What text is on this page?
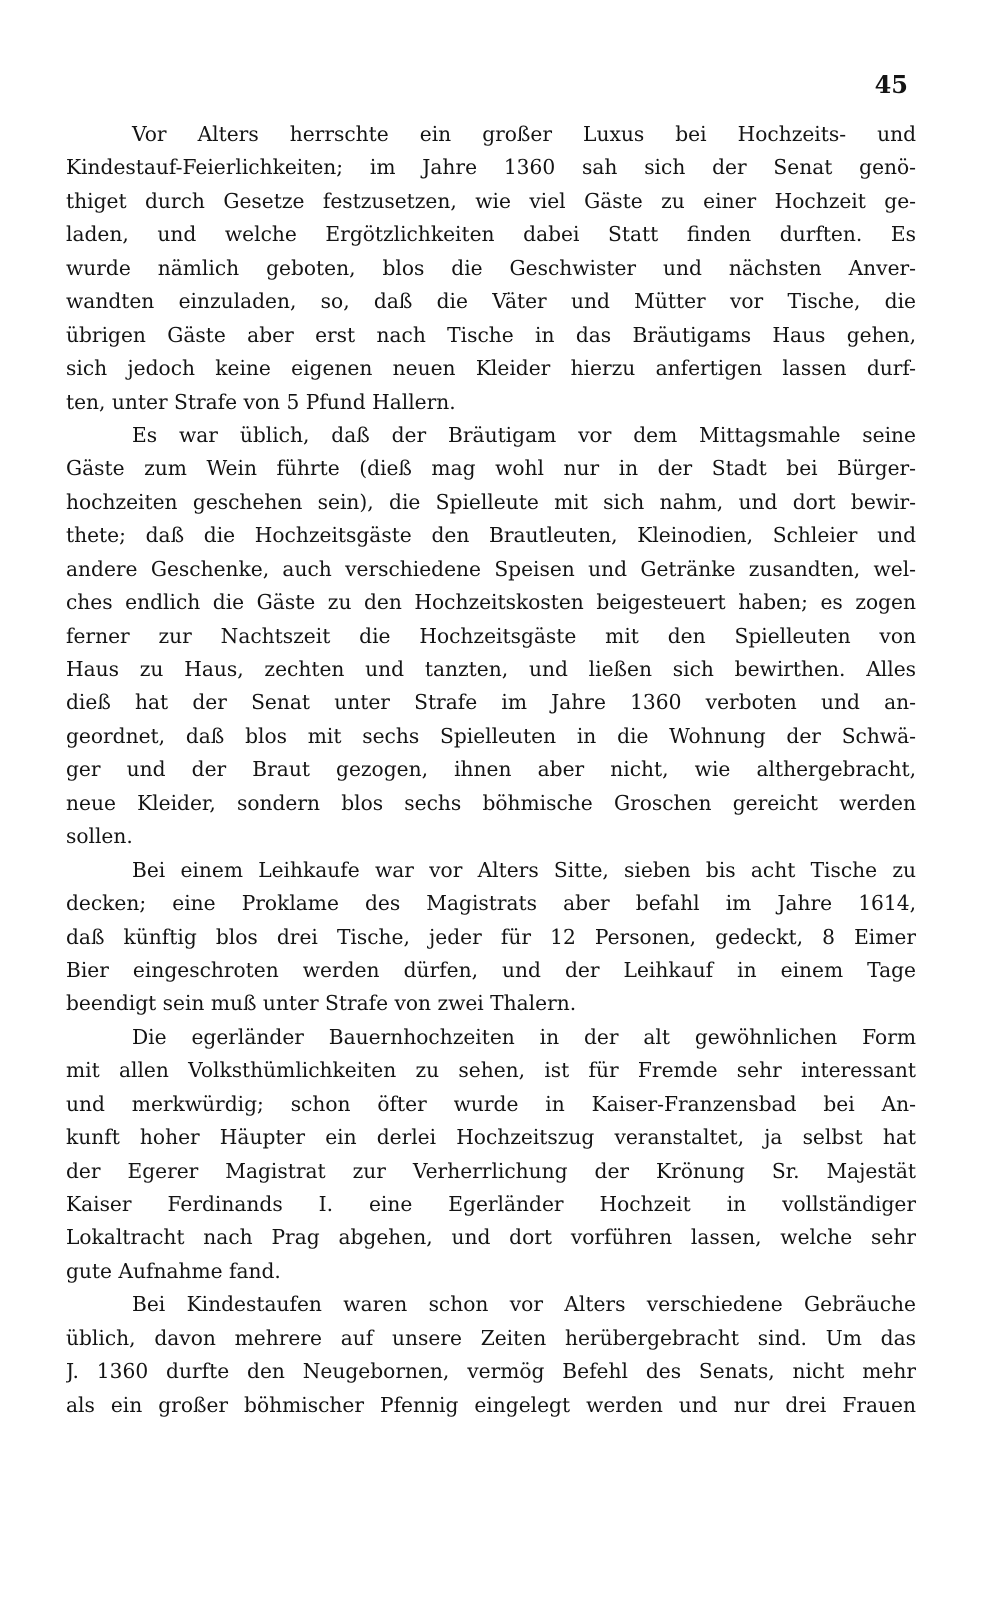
45
Vor Alters herrschte ein großer Luxus bei Hochzeits- und
Kindestauf-Feierlichkeiten; im Jahre 1360 sah sich der Senat genö-
thiget durch Gesetze festzusetzen, wie viel Gäste zu einer Hochzeit ge-
laden, und welche Ergötzlichkeiten dabei Statt finden durften. Es
wurde nämlich geboten, blos die Geschwister und nächsten Anver-
wandten einzuladen, so, daß die Väter und Mütter vor Tische, die
übrigen Gäste aber erst nach Tische in das Bräutigams Haus gehen,
sich jedoch keine eigenen neuen Kleider hierzu anfertigen lassen durf-
ten, unter Strafe von 5 Pfund Hallern.
Es war üblich, daß der Bräutigam vor dem Mittagsmahle seine
Gäste zum Wein führte (dieß mag wohl nur in der Stadt bei Bürger-
hochzeiten geschehen sein), die Spielleute mit sich nahm, und dort bewir-
thete; daß die Hochzeitsgäste den Brautleuten, Kleinodien, Schleier und
andere Geschenke, auch verschiedene Speisen und Getränke zusandten, wel-
ches endlich die Gäste zu den Hochzeitskosten beigesteuert haben; es zogen
ferner zur Nachtszeit die Hochzeitsgäste mit den Spielleuten von
Haus zu Haus, zechten und tanzten, und ließen sich bewirthen. Alles
dieß hat der Senat unter Strafe im Jahre 1360 verboten und an-
geordnet, daß blos mit sechs Spielleuten in die Wohnung der Schwä-
ger und der Braut gezogen, ihnen aber nicht, wie althergebracht,
neue Kleider, sondern blos sechs böhmische Groschen gereicht werden
sollen.
Bei einem Leihkaufe war vor Alters Sitte, sieben bis acht Tische zu
decken; eine Proklame des Magistrats aber befahl im Jahre 1614,
daß künftig blos drei Tische, jeder für 12 Personen, gedeckt, 8 Eimer
Bier eingeschroten werden dürfen, und der Leihkauf in einem Tage
beendigt sein muß unter Strafe von zwei Thalern.
Die egerländer Bauernhochzeiten in der alt gewöhnlichen Form
mit allen Volksthümlichkeiten zu sehen, ist für Fremde sehr interessant
und merkwürdig; schon öfter wurde in Kaiser-Franzensbad bei An-
kunft hoher Häupter ein derlei Hochzeitszug veranstaltet, ja selbst hat
der Egerer Magistrat zur Verherrlichung der Krönung Sr. Majestät
Kaiser Ferdinands I. eine Egerländer Hochzeit in vollständiger
Lokaltracht nach Prag abgehen, und dort vorführen lassen, welche sehr
gute Aufnahme fand.
Bei Kindestaufen waren schon vor Alters verschiedene Gebräuche
üblich, davon mehrere auf unsere Zeiten herübergebracht sind. Um das
J. 1360 durfte den Neugebornen, vermög Befehl des Senats, nicht mehr
als ein großer böhmischer Pfennig eingelegt werden und nur drei Frauen
